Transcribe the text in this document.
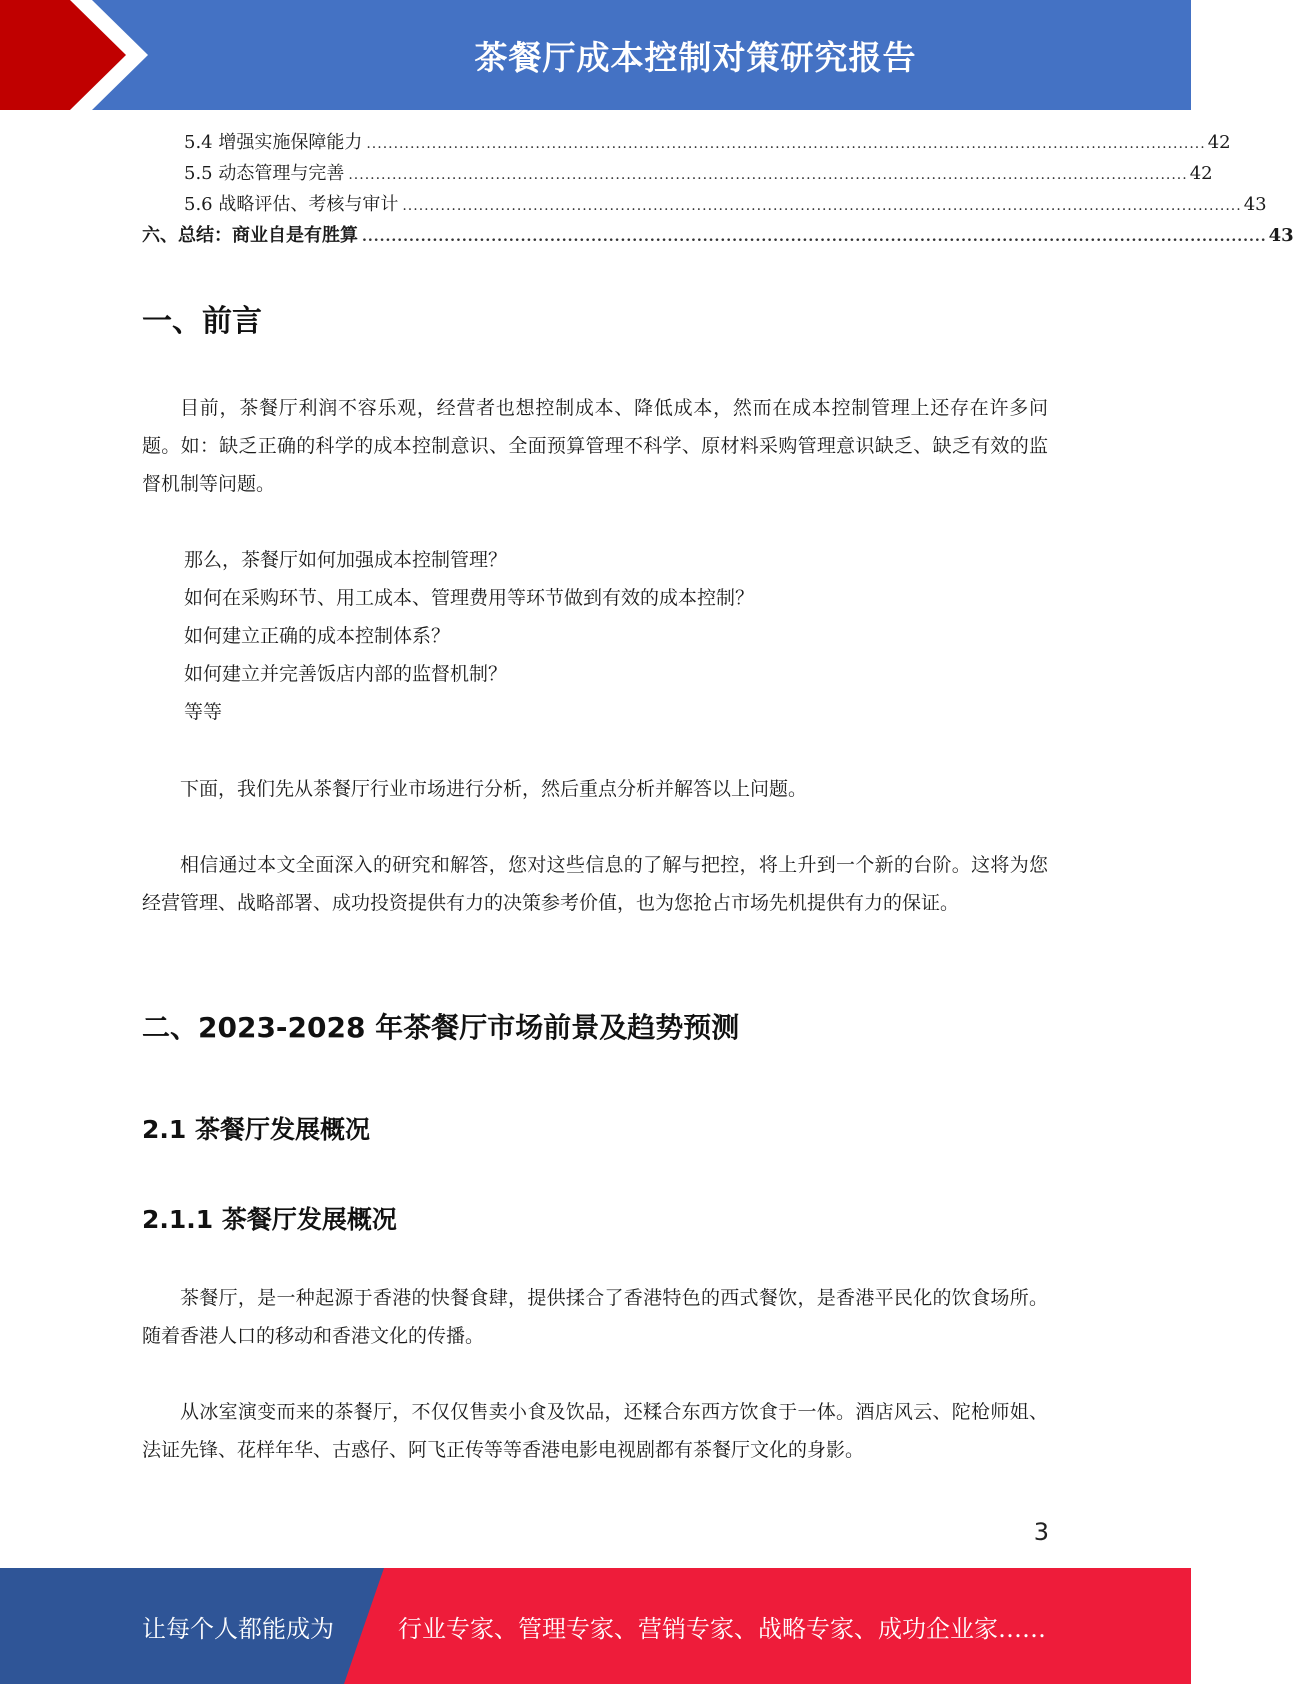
茶餐厅成本控制对策研究报告
5.4 增强实施保障能力 .......................................................................................................................................................... 42
5.5 动态管理与完善 .......................................................................................................................................................... 42
5.6 战略评估、考核与审计 .......................................................................................................................................................... 43
六、总结：商业自是有胜算 .......................................................................................................................................................... 43
一、前言

目前，茶餐厅利润不容乐观，经营者也想控制成本、降低成本，然而在成本控制管理上还存在许多问题。如：缺乏正确的科学的成本控制意识、全面预算管理不科学、原材料采购管理意识缺乏、缺乏有效的监督机制等问题。

那么，茶餐厅如何加强成本控制管理？
如何在采购环节、用工成本、管理费用等环节做到有效的成本控制？
如何建立正确的成本控制体系？
如何建立并完善饭店内部的监督机制？
等等

下面，我们先从茶餐厅行业市场进行分析，然后重点分析并解答以上问题。

相信通过本文全面深入的研究和解答，您对这些信息的了解与把控，将上升到一个新的台阶。这将为您经营管理、战略部署、成功投资提供有力的决策参考价值，也为您抢占市场先机提供有力的保证。

二、2023-2028 年茶餐厅市场前景及趋势预测
2.1 茶餐厅发展概况
2.1.1 茶餐厅发展概况

茶餐厅，是一种起源于香港的快餐食肆，提供揉合了香港特色的西式餐饮，是香港平民化的饮食场所。随着香港人口的移动和香港文化的传播。

从冰室演变而来的茶餐厅，不仅仅售卖小食及饮品，还糅合东西方饮食于一体。酒店风云、陀枪师姐、法证先锋、花样年华、古惑仔、阿飞正传等等香港电影电视剧都有茶餐厅文化的身影。

3
让每个人都能成为	行业专家、管理专家、营销专家、战略专家、成功企业家……
